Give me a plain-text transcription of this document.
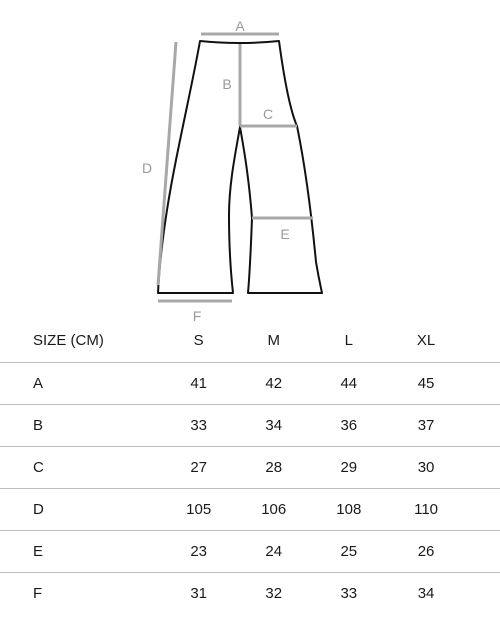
A
B
C
D
E
F
SIZE (CM)	S	M	L	XL	
A	41	42	44	45	
B	33	34	36	37	
C	27	28	29	30	
D	105	106	108	110	
E	23	24	25	26	
F	31	32	33	34	
